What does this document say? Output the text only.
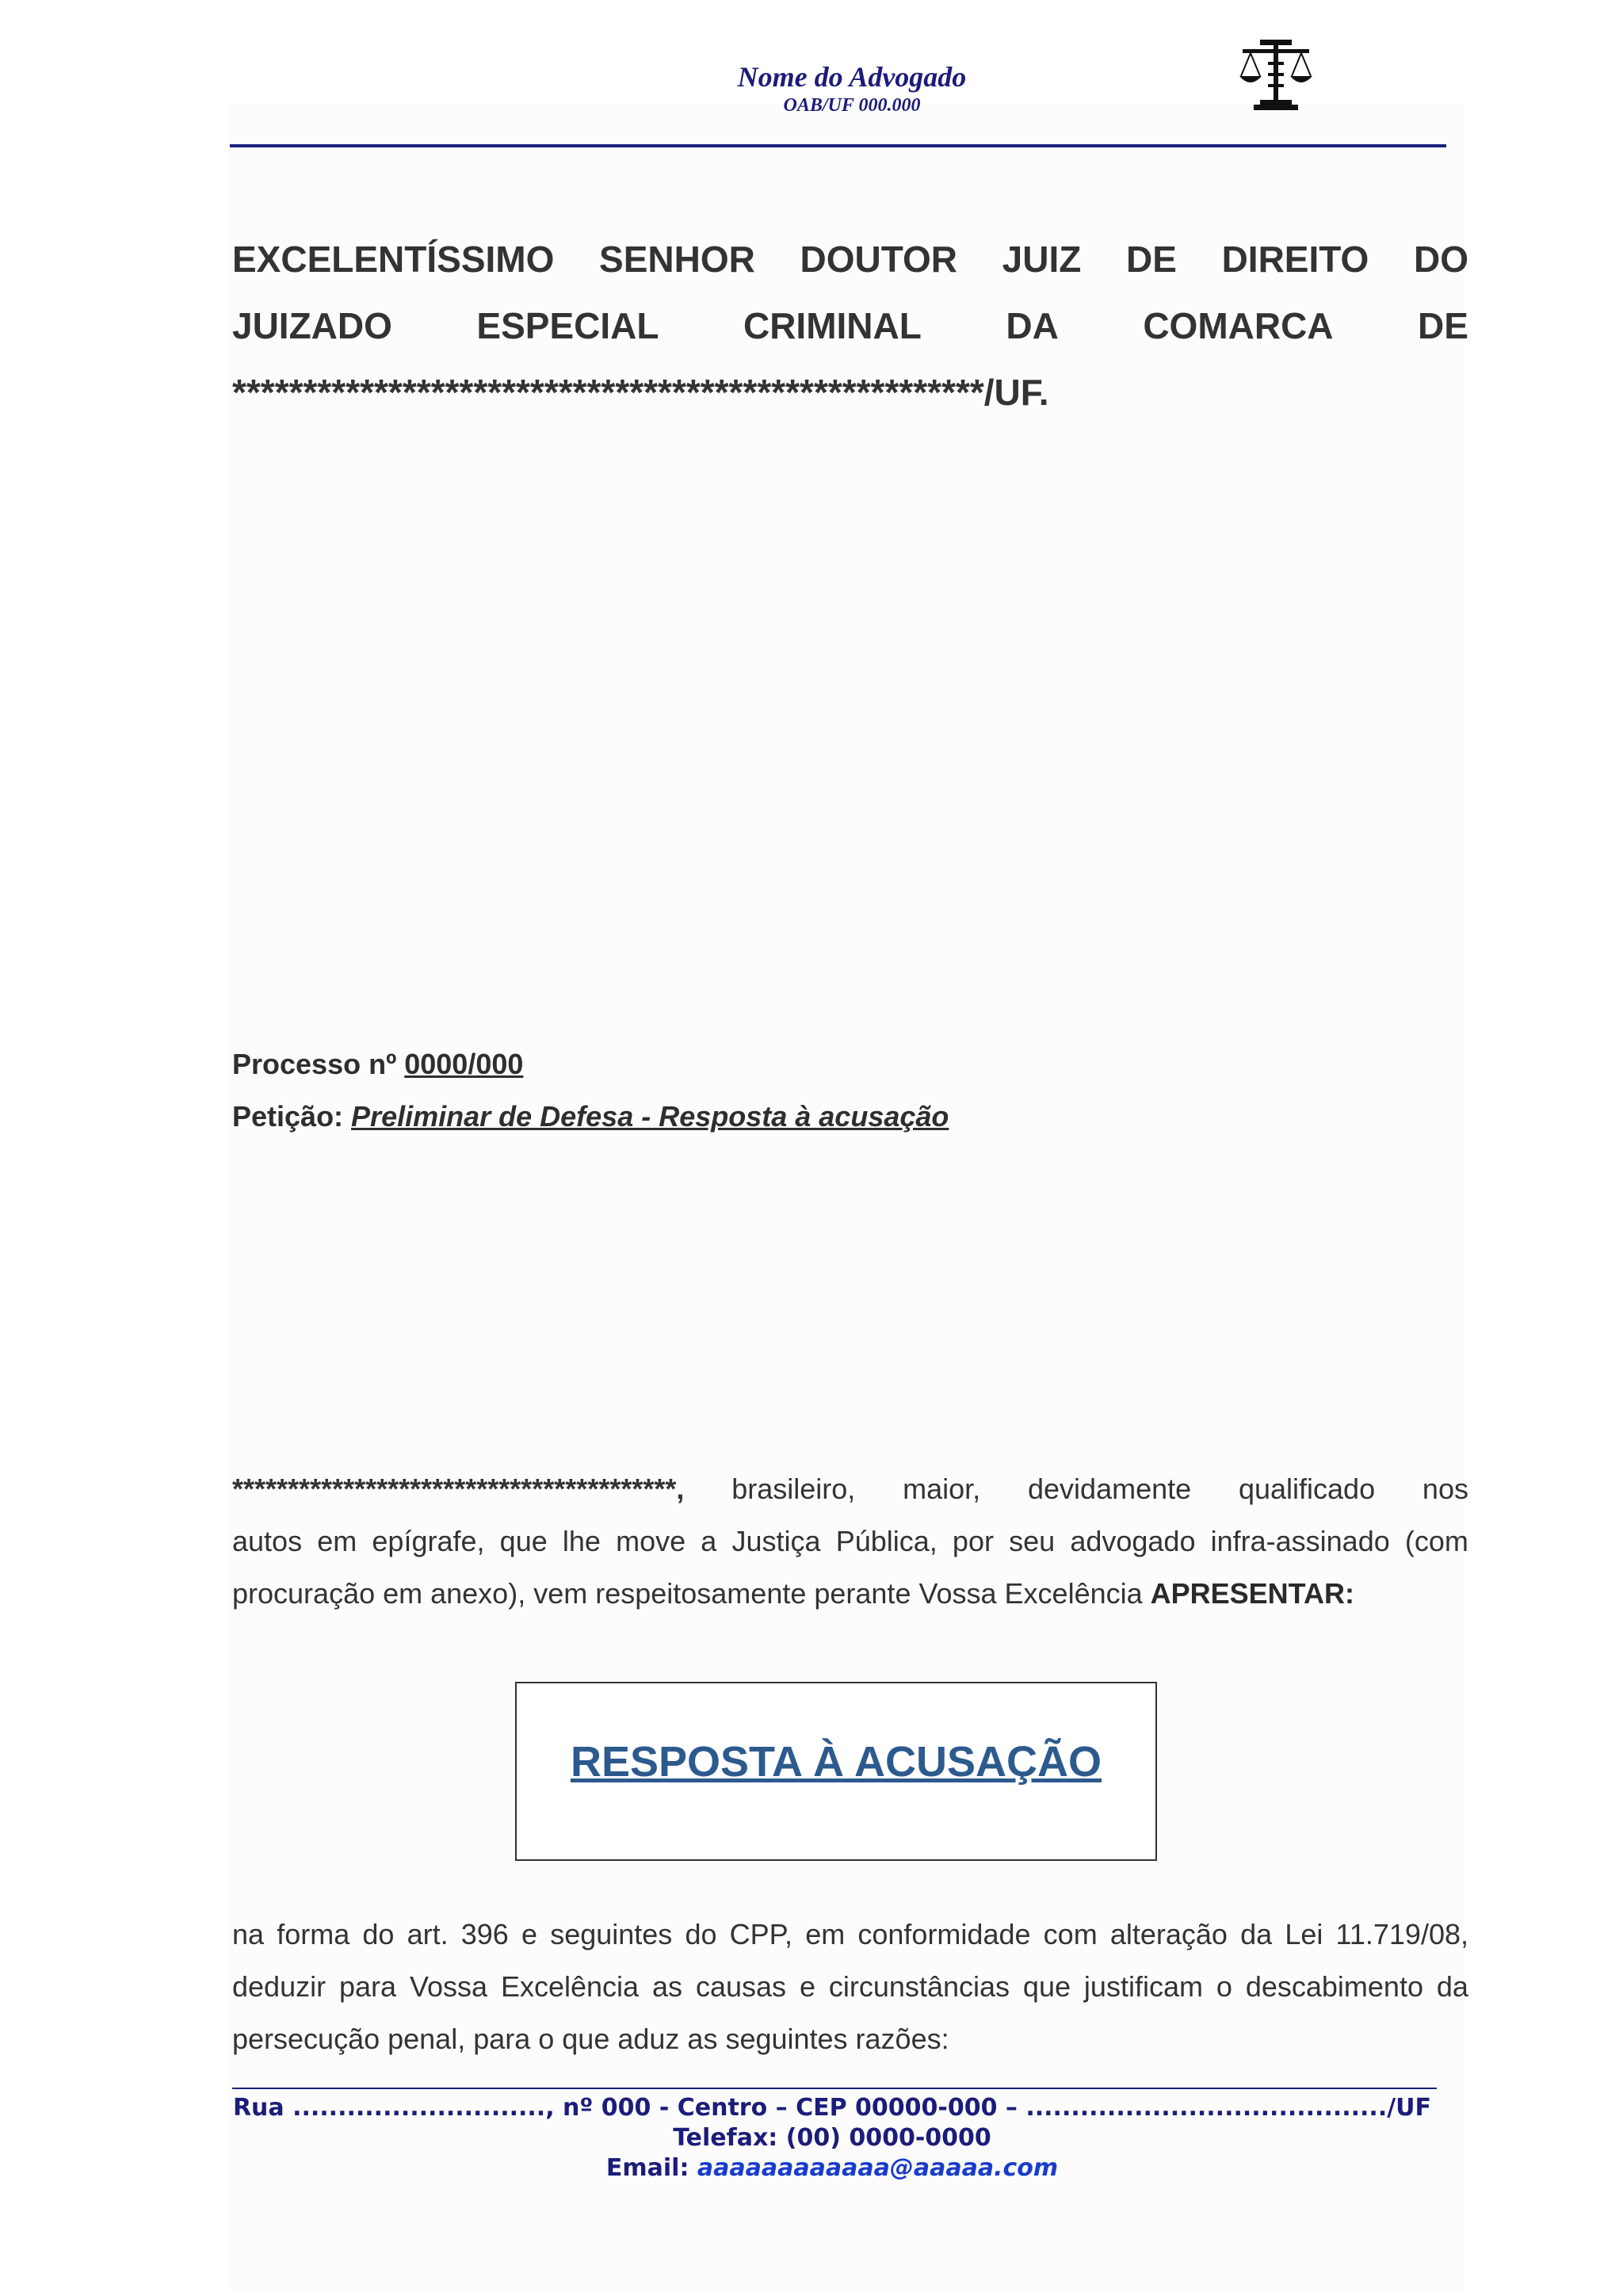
Nome do Advogado
OAB/UF 000.000
EXCELENTÍSSIMO SENHOR DOUTOR JUIZ DE DIREITO DO
JUIZADO ESPECIAL CRIMINAL DA COMARCA DE
*****************************************************/UF.
Processo nº 0000/000
Petição: Preliminar de Defesa - Resposta à acusação
****************************************, brasileiro, maior, devidamente qualificado nos
autos em epígrafe, que lhe move a Justiça Pública, por seu advogado infra-assinado (com
procuração em anexo), vem respeitosamente perante Vossa Excelência APRESENTAR:
RESPOSTA À ACUSAÇÃO
na forma do art. 396 e seguintes do CPP, em conformidade com alteração da Lei 11.719/08,
deduzir para Vossa Excelência as causas e circunstâncias que justificam o descabimento da
persecução penal, para o que aduz as seguintes razões:
Rua ............................, nº 000 - Centro – CEP 00000-000 – ......................................../UF
Telefax: (00) 0000-0000
Email: aaaaaaaaaaaa@aaaaa.com
